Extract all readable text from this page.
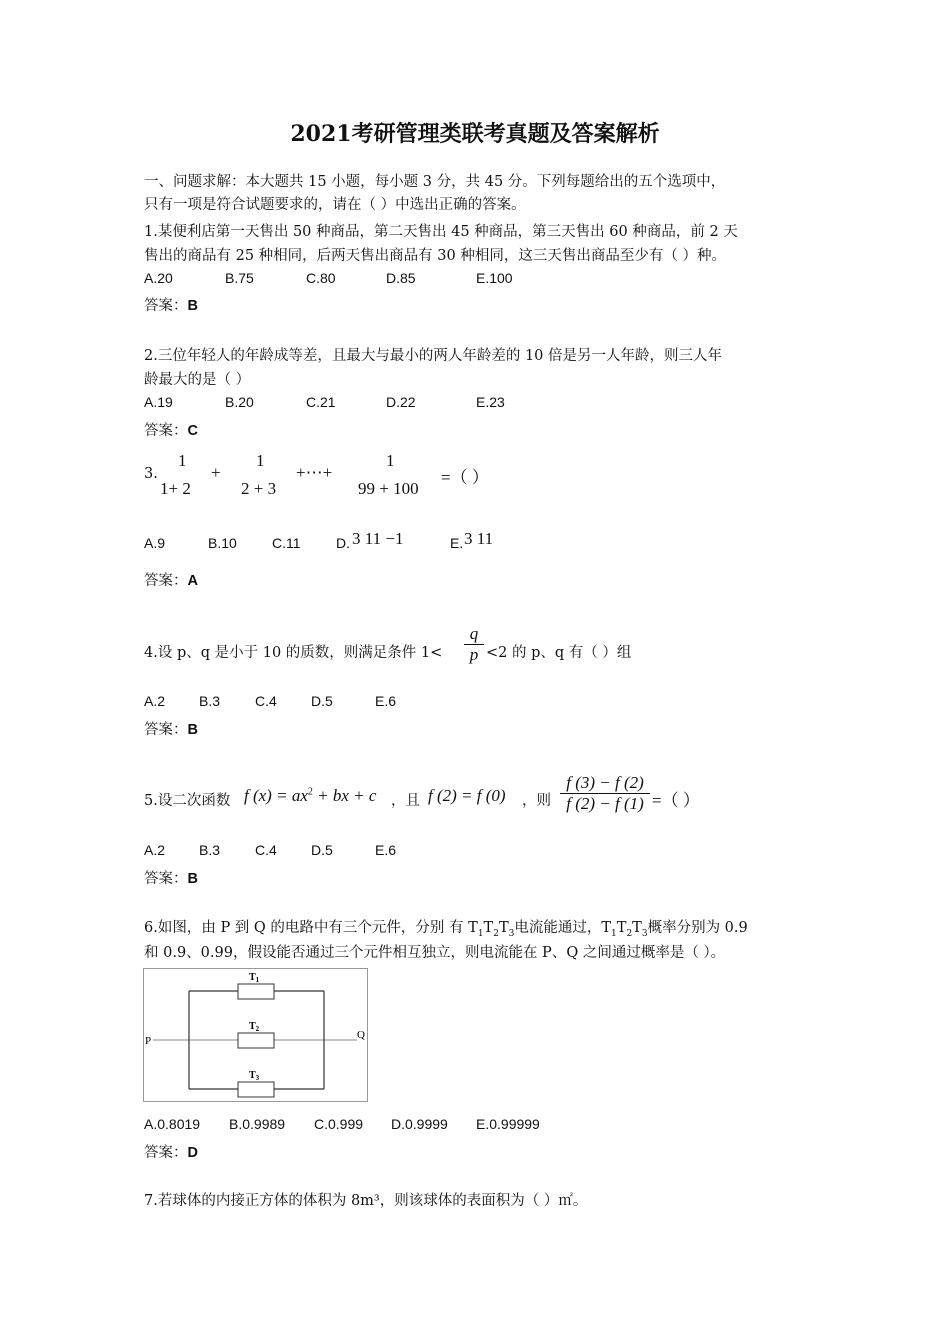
2021考研管理类联考真题及答案解析
一、问题求解：本大题共 15 小题，每小题 3 分，共 45 分。下列每题给出的五个选项中，
只有一项是符合试题要求的，请在（ ）中选出正确的答案。
1.某便利店第一天售出 50 种商品，第二天售出 45 种商品，第三天售出 60 种商品，前 2 天
售出的商品有 25 种相同，后两天售出商品有 30 种相同，这三天售出商品至少有（ ）种。
A.20	B.75	C.80	D.85	E.100
答案：B
2.三位年轻人的年龄成等差，且最大与最小的两人年龄差的 10 倍是另一人年龄，则三人年
龄最大的是（ ）
A.19	B.20	C.21	D.22	E.23
答案：C
3.
1
1+ 2
+
1
2 + 3
+⋯+
1
99 + 100
=（ ）
A.9	B.10	C.11	D. 3 11 −1	E. 3 11
答案：A
4.设 p、q 是小于 10 的质数，则满足条件 1<
q
p <2 的 p、q 有（ ）组
A.2 B.3 C.4 D.5	E.6
答案：B
5.设二次函数 f $(x) = ax^2$ + bx + c ，且 f (2) = f (0) ，则
f (3) − f (2)
f (2) − f (1) =（ ）
A.2 B.3 C.4 D.5	E.6
答案：B
6.如图，由 P 到 Q 的电路中有三个元件，分别 有 $T_1T_2T_3$电流能通过，$T_1T_2T_3$概率分别为 0.9
和 0.9、0.99，假设能否通过三个元件相互独立，则电流能在 P、Q 之间通过概率是（ ）。
$T_1$
$T_2$
$T_3$
P	Q
A.0.8019 B.0.9989 C.0.999 D.0.9999 E.0.99999
答案：D
7.若球体的内接正方体的体积为 8m³，则该球体的表面积为（ ）㎡。
